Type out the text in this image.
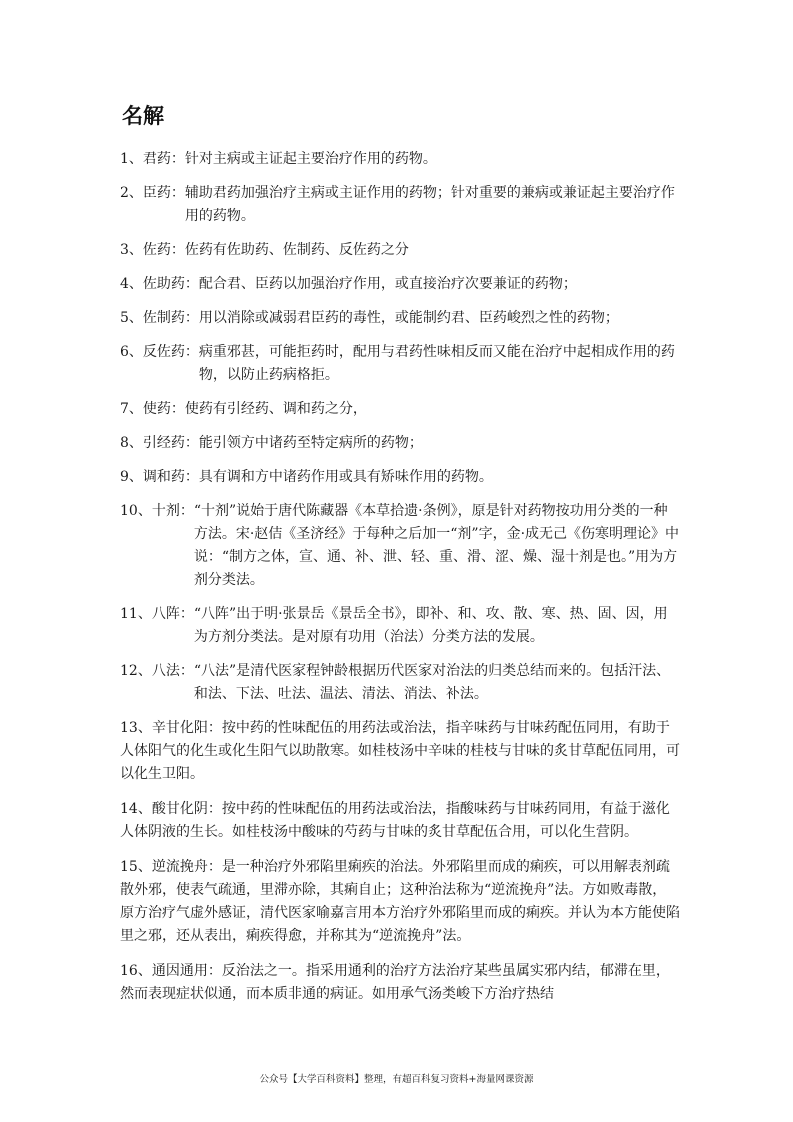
名解
1、君药： 针对主病或主证起主要治疗作用的药物。
2、臣药： 辅助君药加强治疗主病或主证作用的药物；针对重要的兼病或兼证起主要治疗作用的药物。
3、佐药： 佐药有佐助药、佐制药、反佐药之分
4、佐助药： 配合君、臣药以加强治疗作用，或直接治疗次要兼证的药物；
5、佐制药： 用以消除或减弱君臣药的毒性，或能制约君、臣药峻烈之性的药物；
6、反佐药： 病重邪甚，可能拒药时，配用与君药性味相反而又能在治疗中起相成作用的药物，以防止药病格拒。
7、使药： 使药有引经药、调和药之分，
8、引经药： 能引领方中诸药至特定病所的药物；
9、调和药： 具有调和方中诸药作用或具有矫味作用的药物。
10、十剂： “十剂”说始于唐代陈藏器《本草拾遗·条例》，原是针对药物按功用分类的一种方法。宋·赵佶《圣济经》于每种之后加一“剂”字，金·成无己《伤寒明理论》中说：“制方之体，宣、通、补、泄、轻、重、滑、涩、燥、湿十剂是也。”用为方剂分类法。
11、八阵： “八阵”出于明·张景岳《景岳全书》，即补、和、攻、散、寒、热、固、因，用为方剂分类法。是对原有功用（治法）分类方法的发展。
12、八法： “八法”是清代医家程钟龄根据历代医家对治法的归类总结而来的。包括汗法、和法、下法、吐法、温法、清法、消法、补法。
13、辛甘化阳：按中药的性味配伍的用药法或治法，指辛味药与甘味药配伍同用，有助于人体阳气的化生或化生阳气以助散寒。如桂枝汤中辛味的桂枝与甘味的炙甘草配伍同用，可以化生卫阳。
14、酸甘化阴：按中药的性味配伍的用药法或治法，指酸味药与甘味药同用，有益于滋化人体阴液的生长。如桂枝汤中酸味的芍药与甘味的炙甘草配伍合用，可以化生营阴。
15、逆流挽舟：是一种治疗外邪陷里痢疾的治法。外邪陷里而成的痢疾，可以用解表剂疏散外邪，使表气疏通，里滞亦除，其痢自止；这种治法称为“逆流挽舟”法。方如败毒散，原方治疗气虚外感证，清代医家喻嘉言用本方治疗外邪陷里而成的痢疾。并认为本方能使陷里之邪，还从表出，痢疾得愈，并称其为“逆流挽舟”法。
16、通因通用：反治法之一。指采用通利的治疗方法治疗某些虽属实邪内结，郁滞在里，然而表现症状似通，而本质非通的病证。如用承气汤类峻下方治疗热结
公众号【大学百科资料】整理，有超百科复习资料+海量网课资源
